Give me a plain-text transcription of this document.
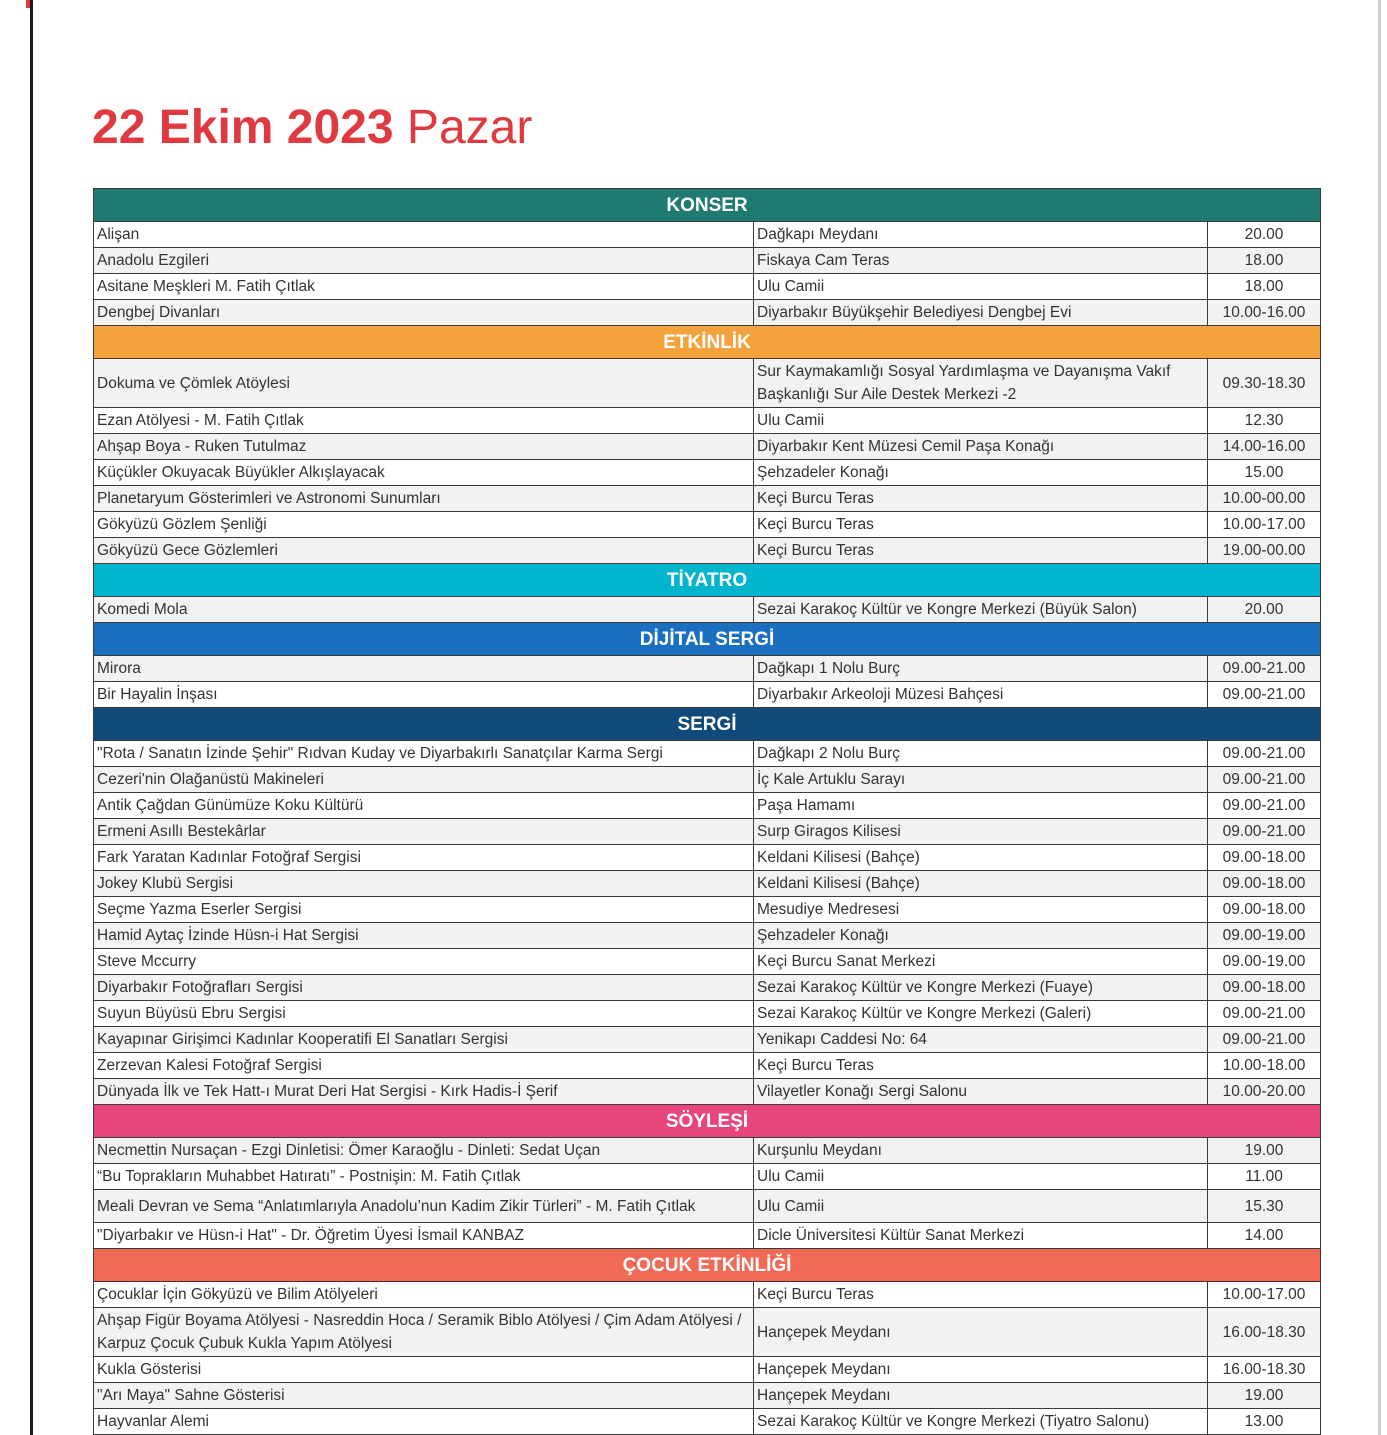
22 Ekim 2023 Pazar
KONSER		
Alişan	Dağkapı Meydanı	20.00
Anadolu Ezgileri	Fiskaya Cam Teras	18.00
Asitane Meşkleri M. Fatih Çıtlak	Ulu Camii	18.00
Dengbej Divanları	Diyarbakır Büyükşehir Belediyesi Dengbej Evi	10.00-16.00
ETKİNLİK		
Dokuma ve Çömlek Atöylesi	Sur Kaymakamlığı Sosyal Yardımlaşma ve Dayanışma Vakıf Başkanlığı Sur Aile Destek Merkezi -2	09.30-18.30
Ezan Atölyesi - M. Fatih Çıtlak	Ulu Camii	12.30
Ahşap Boya - Ruken Tutulmaz	Diyarbakır Kent Müzesi Cemil Paşa Konağı	14.00-16.00
Küçükler Okuyacak Büyükler Alkışlayacak	Şehzadeler Konağı	15.00
Planetaryum Gösterimleri ve Astronomi Sunumları	Keçi Burcu Teras	10.00-00.00
Gökyüzü Gözlem Şenliği	Keçi Burcu Teras	10.00-17.00
Gökyüzü Gece Gözlemleri	Keçi Burcu Teras	19.00-00.00
TİYATRO		
Komedi Mola	Sezai Karakoç Kültür ve Kongre Merkezi (Büyük Salon)	20.00
DİJİTAL SERGİ		
Mirora	Dağkapı 1 Nolu Burç	09.00-21.00
Bir Hayalin İnşası	Diyarbakır Arkeoloji Müzesi Bahçesi	09.00-21.00
SERGİ		
"Rota / Sanatın İzinde Şehir" Rıdvan Kuday ve Diyarbakırlı Sanatçılar Karma Sergi	Dağkapı 2 Nolu Burç	09.00-21.00
Cezeri'nin Olağanüstü Makineleri	İç Kale Artuklu Sarayı	09.00-21.00
Antik Çağdan Günümüze Koku Kültürü	Paşa Hamamı	09.00-21.00
Ermeni Asıllı Bestekârlar	Surp Giragos Kilisesi	09.00-21.00
Fark Yaratan Kadınlar Fotoğraf Sergisi	Keldani Kilisesi (Bahçe)	09.00-18.00
Jokey Klubü Sergisi	Keldani Kilisesi (Bahçe)	09.00-18.00
Seçme Yazma Eserler Sergisi	Mesudiye Medresesi	09.00-18.00
Hamid Aytaç İzinde Hüsn-i Hat Sergisi	Şehzadeler Konağı	09.00-19.00
Steve Mccurry	Keçi Burcu Sanat Merkezi	09.00-19.00
Diyarbakır Fotoğrafları Sergisi	Sezai Karakoç Kültür ve Kongre Merkezi (Fuaye)	09.00-18.00
Suyun Büyüsü Ebru Sergisi	Sezai Karakoç Kültür ve Kongre Merkezi (Galeri)	09.00-21.00
Kayapınar Girişimci Kadınlar Kooperatifi El Sanatları Sergisi	Yenikapı Caddesi No: 64	09.00-21.00
Zerzevan Kalesi Fotoğraf Sergisi	Keçi Burcu Teras	10.00-18.00
Dünyada İlk ve Tek Hatt-ı Murat Deri Hat Sergisi - Kırk Hadis-İ Şerif	Vilayetler Konağı Sergi Salonu	10.00-20.00
SÖYLEŞİ		
Necmettin Nursaçan - Ezgi Dinletisi: Ömer Karaoğlu - Dinleti: Sedat Uçan	Kurşunlu Meydanı	19.00
“Bu Toprakların Muhabbet Hatıratı” - Postnişin: M. Fatih Çıtlak	Ulu Camii	11.00
Meali Devran ve Sema “Anlatımlarıyla Anadolu’nun Kadim Zikir Türleri” - M. Fatih Çıtlak	Ulu Camii	15.30
"Diyarbakır ve Hüsn-i Hat" - Dr. Öğretim Üyesi İsmail KANBAZ	Dicle Üniversitesi Kültür Sanat Merkezi	14.00
ÇOCUK ETKİNLİĞİ		
Çocuklar İçin Gökyüzü ve Bilim Atölyeleri	Keçi Burcu Teras	10.00-17.00
Ahşap Figür Boyama Atölyesi - Nasreddin Hoca / Seramik Biblo Atölyesi / Çim Adam Atölyesi / Karpuz Çocuk Çubuk Kukla Yapım Atölyesi	Hançepek Meydanı	16.00-18.30
Kukla Gösterisi	Hançepek Meydanı	16.00-18.30
"Arı Maya" Sahne Gösterisi	Hançepek Meydanı	19.00
Hayvanlar Alemi	Sezai Karakoç Kültür ve Kongre Merkezi (Tiyatro Salonu)	13.00
